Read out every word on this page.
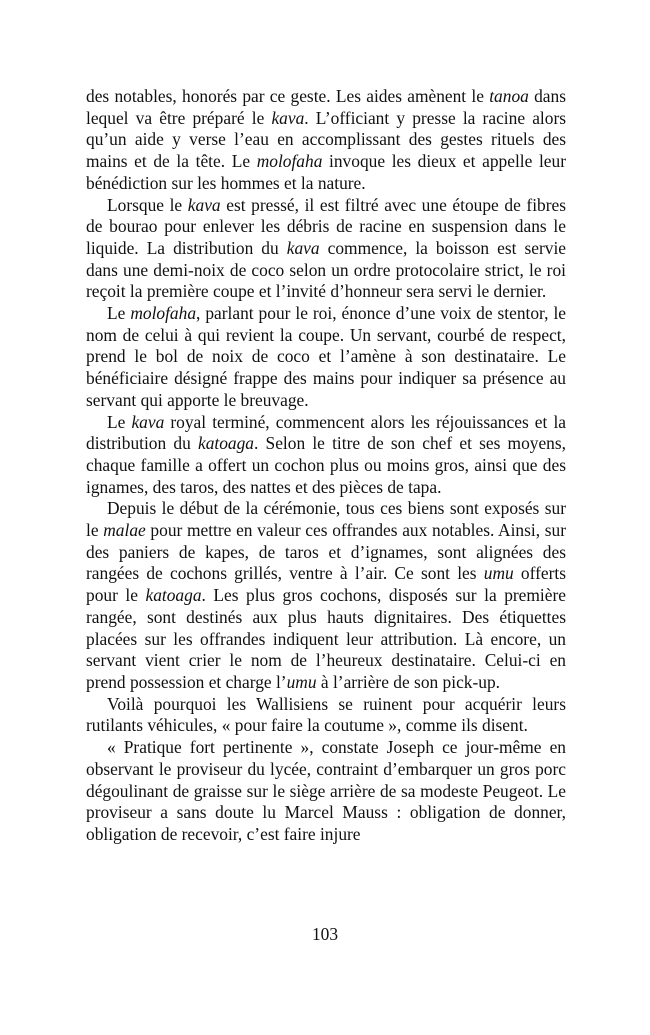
des notables, honorés par ce geste. Les aides amènent le tanoa dans lequel va être préparé le kava. L’officiant y presse la racine alors qu’un aide y verse l’eau en accomplissant des gestes rituels des mains et de la tête. Le molofaha invoque les dieux et appelle leur bénédiction sur les hommes et la nature.

Lorsque le kava est pressé, il est filtré avec une étoupe de fibres de bourao pour enlever les débris de racine en suspension dans le liquide. La distribution du kava commence, la boisson est servie dans une demi-noix de coco selon un ordre protocolaire strict, le roi reçoit la première coupe et l’invité d’honneur sera servi le dernier.

Le molofaha, parlant pour le roi, énonce d’une voix de stentor, le nom de celui à qui revient la coupe. Un servant, courbé de respect, prend le bol de noix de coco et l’amène à son destinataire. Le bénéficiaire désigné frappe des mains pour indiquer sa présence au servant qui apporte le breuvage.

Le kava royal terminé, commencent alors les réjouissances et la distribution du katoaga. Selon le titre de son chef et ses moyens, chaque famille a offert un cochon plus ou moins gros, ainsi que des ignames, des taros, des nattes et des pièces de tapa.

Depuis le début de la cérémonie, tous ces biens sont exposés sur le malae pour mettre en valeur ces offrandes aux notables. Ainsi, sur des paniers de kapes, de taros et d’ignames, sont alignées des rangées de cochons grillés, ventre à l’air. Ce sont les umu offerts pour le katoaga. Les plus gros cochons, disposés sur la première rangée, sont destinés aux plus hauts dignitaires. Des étiquettes placées sur les offrandes indiquent leur attribution. Là encore, un servant vient crier le nom de l’heureux destinataire. Celui-ci en prend possession et charge l’umu à l’arrière de son pick-up.

Voilà pourquoi les Wallisiens se ruinent pour acquérir leurs rutilants véhicules, « pour faire la coutume », comme ils disent.

« Pratique fort pertinente », constate Joseph ce jour-même en observant le proviseur du lycée, contraint d’embarquer un gros porc dégoulinant de graisse sur le siège arrière de sa modeste Peugeot. Le proviseur a sans doute lu Marcel Mauss : obligation de donner, obligation de recevoir, c’est faire injure

103
